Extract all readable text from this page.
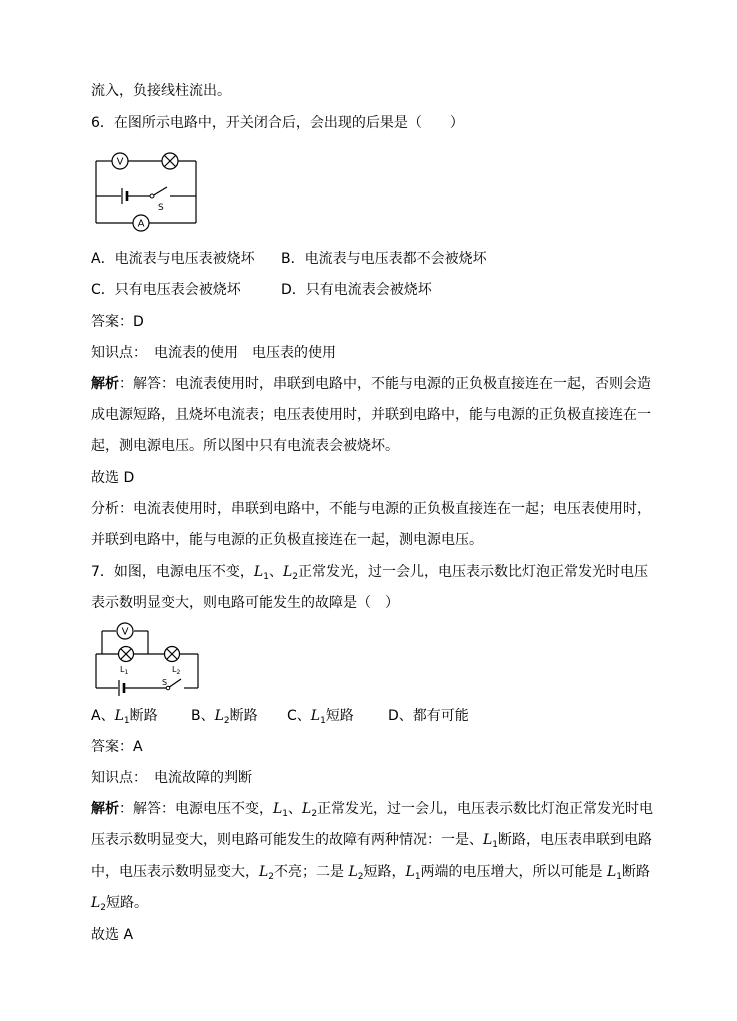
流入，负接线柱流出。
6．在图所示电路中，开关闭合后，会出现的后果是（　　）
V
A
S
A．电流表与电压表被烧坏 B．电流表与电压表都不会被烧坏
C．只有电压表会被烧坏	D．只有电流表会被烧坏
答案：D
知识点：　电流表的使用　电压表的使用
解析：解答：电流表使用时，串联到电路中，不能与电源的正负极直接连在一起，否则会造
成电源短路，且烧坏电流表；电压表使用时，并联到电路中，能与电源的正负极直接连在一
起，测电源电压。所以图中只有电流表会被烧坏。
故选 D
分析：电流表使用时，串联到电路中，不能与电源的正负极直接连在一起；电压表使用时，
并联到电路中，能与电源的正负极直接连在一起，测电源电压。
7．如图，电源电压不变，$L_1$、$L_2$正常发光，过一会儿，电压表示数比灯泡正常发光时电压
表示数明显变大，则电路可能发生的故障是（　）
V
$L_1$	$L_2$
S
A、$L_1$断路 B、$L_2$断路 C、$L_1$短路 D、都有可能
答案：A
知识点：　电流故障的判断
解析：解答：电源电压不变，$L_1$、$L_2$正常发光，过一会儿，电压表示数比灯泡正常发光时电
压表示数明显变大，则电路可能发生的故障有两种情况：一是、$L_1$断路，电压表串联到电路
中，电压表示数明显变大，$L_2$不亮；二是 $L_2$短路，$L_1$两端的电压增大，所以可能是 $L_1$断路
$L_2$短路。
故选 A
